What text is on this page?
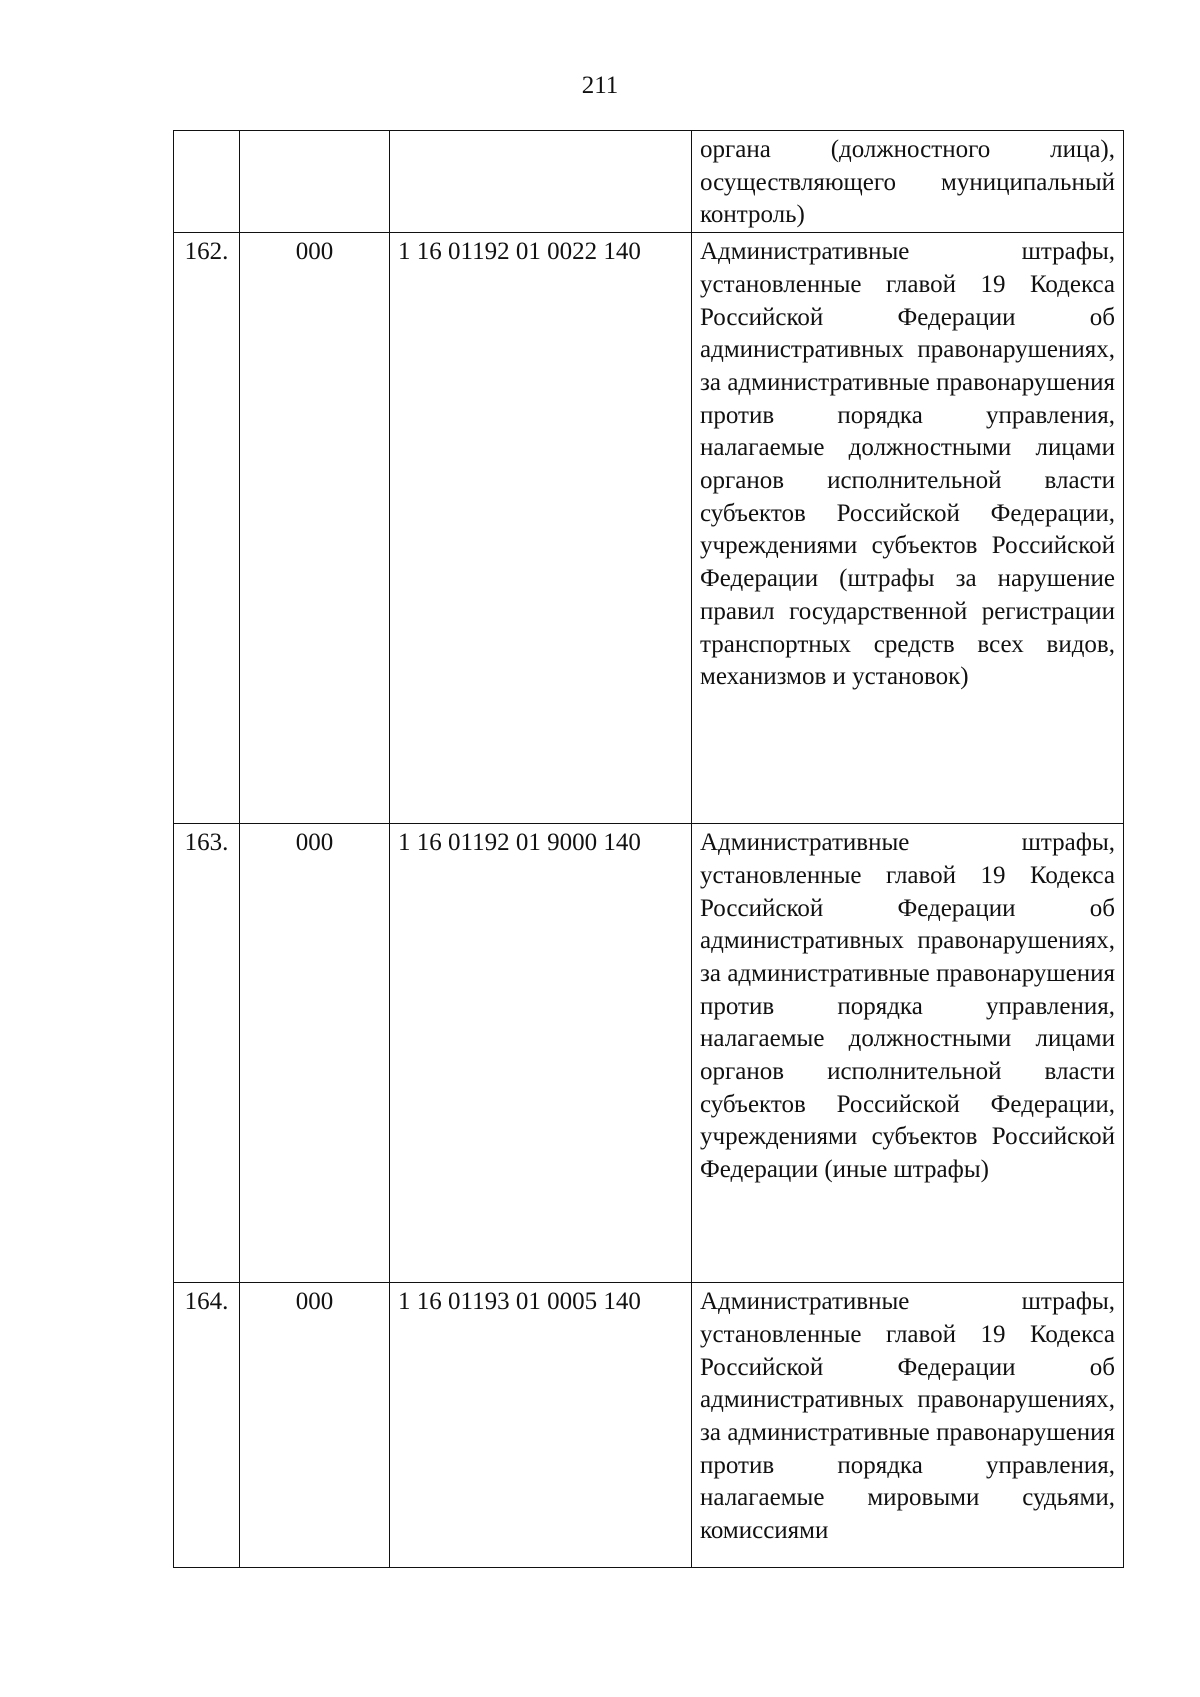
211
			органа (должностного лица), осуществляющего муниципальный контроль)
162.	000	1 16 01192 01 0022 140	Административные штрафы, установленные главой 19 Кодекса Российской Федерации об административных правонарушениях, за административные правонарушения против порядка управления, налагаемые должностными лицами органов исполнительной власти субъектов Российской Федерации, учреждениями субъектов Российской Федерации (штрафы за нарушение правил государственной регистрации транспортных средств всех видов, механизмов и установок)
163.	000	1 16 01192 01 9000 140	Административные штрафы, установленные главой 19 Кодекса Российской Федерации об административных правонарушениях, за административные правонарушения против порядка управления, налагаемые должностными лицами органов исполнительной власти субъектов Российской Федерации, учреждениями субъектов Российской Федерации (иные штрафы)
164.	000	1 16 01193 01 0005 140	Административные штрафы, установленные главой 19 Кодекса Российской Федерации об административных правонарушениях, за административные правонарушения против порядка управления, налагаемые мировыми судьями, комиссиями
